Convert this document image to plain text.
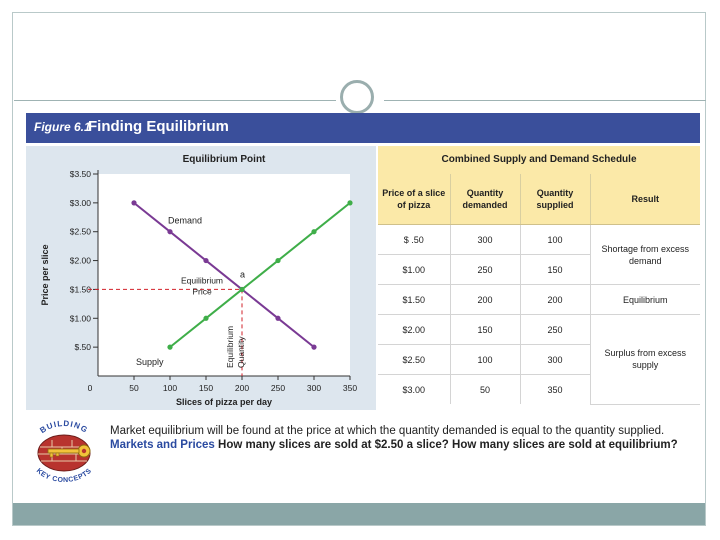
Figure 6.1
Finding Equilibrium
Equilibrium Point
$.50
$1.00
$1.50
$2.00
$2.50
$3.00
$3.50
0	50	100	150	200	250	300	350
Slices of pizza per day
Price per slice
Demand
Supply
a
Equilibrium
Price
Equilibrium Quantity
Combined Supply and Demand Schedule
Price of a slice of pizza	Quantity demanded	Quantity supplied	Result
$ .50	300	100	Shortage from excess demand
$1.00	250	150	
$1.50	200	200	Equilibrium
$2.00	150	250	Surplus from excess supply
$2.50	100	300	
$3.00	50	350	
BUILDING
KEY CONCEPTS
Market equilibrium will be found at the price at which the quantity demanded is equal to the quantity supplied. Markets and Prices How many slices are sold at $2.50 a slice? How many slices are sold at equilibrium?
